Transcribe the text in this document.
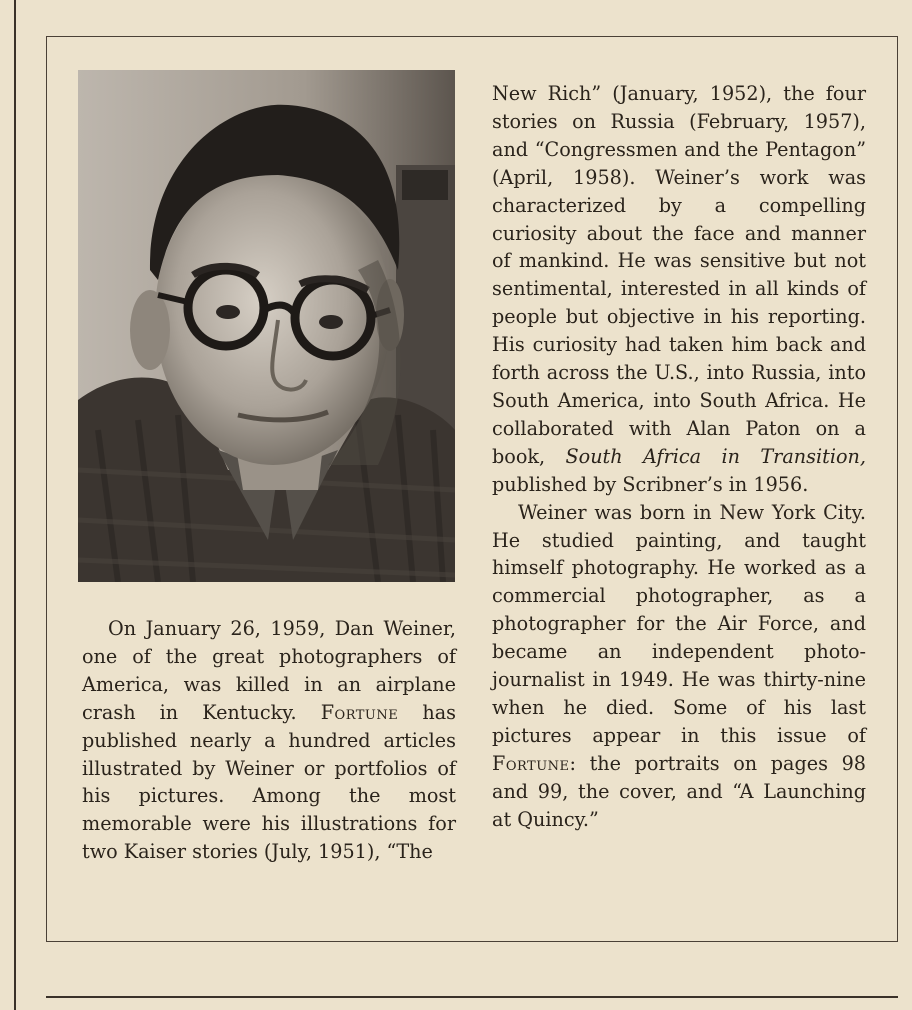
On January 26, 1959, Dan Weiner, one of the great photographers of America, was killed in an airplane crash in Kentucky. Fortune has published nearly a hundred articles illustrated by Weiner or portfolios of his pictures. Among the most memorable were his illustrations for two Kaiser stories (July, 1951), “The

New Rich” (January, 1952), the four stories on Russia (February, 1957), and “Congressmen and the Pentagon” (April, 1958). Weiner’s work was characterized by a compelling curiosity about the face and manner of mankind. He was sensitive but not sentimental, interested in all kinds of people but objective in his reporting. His curiosity had taken him back and forth across the U.S., into Russia, into South America, into South Africa. He collaborated with Alan Paton on a book, South Africa in Transition, published by Scribner’s in 1956.

Weiner was born in New York City. He studied painting, and taught himself photography. He worked as a commercial photographer, as a photographer for the Air Force, and became an independent photo-journalist in 1949. He was thirty-nine when he died. Some of his last pictures appear in this issue of Fortune: the portraits on pages 98 and 99, the cover, and “A Launching at Quincy.”
